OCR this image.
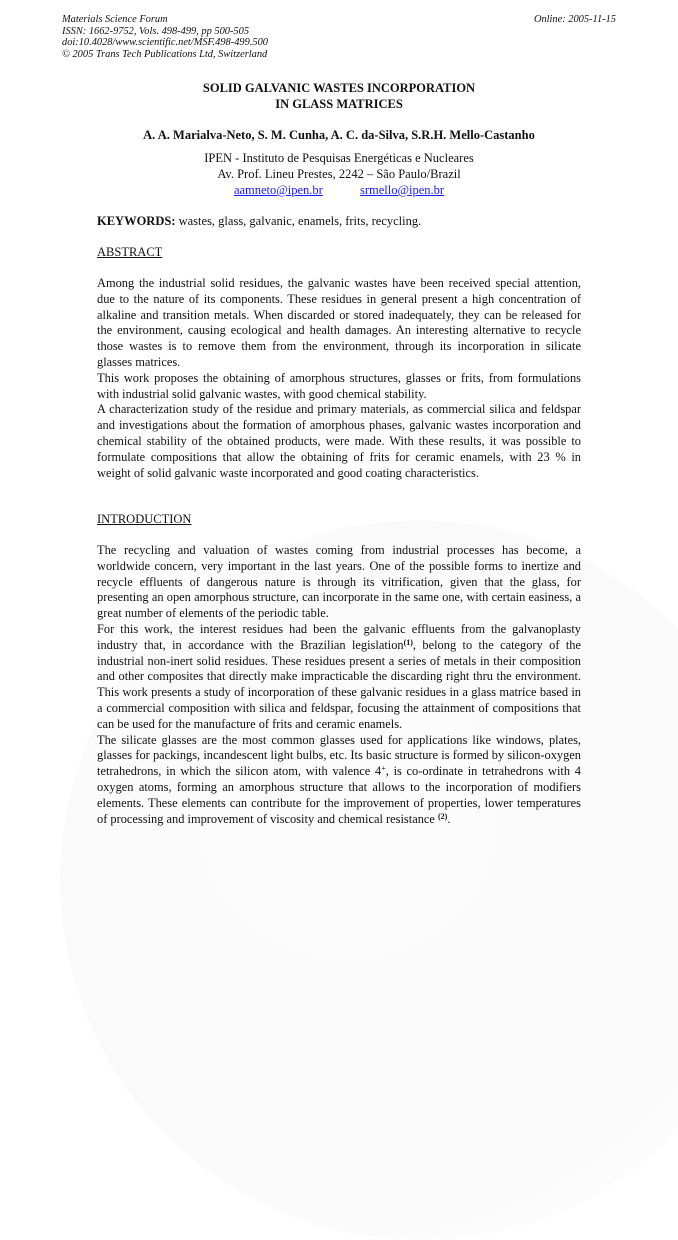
Materials Science Forum
ISSN: 1662-9752, Vols. 498-499, pp 500-505
doi:10.4028/www.scientific.net/MSF.498-499.500
© 2005 Trans Tech Publications Ltd, Switzerland
Online: 2005-11-15
SOLID GALVANIC WASTES INCORPORATION
IN GLASS MATRICES
A. A. Marialva-Neto, S. M. Cunha, A. C. da-Silva, S.R.H. Mello-Castanho
IPEN - Instituto de Pesquisas Energéticas e Nucleares
Av. Prof. Lineu Prestes, 2242 – São Paulo/Brazil
aamneto@ipen.br	srmello@ipen.br
KEYWORDS: wastes, glass, galvanic, enamels, frits, recycling.
ABSTRACT

Among the industrial solid residues, the galvanic wastes have been received special attention, due to the nature of its components. These residues in general present a high concentration of alkaline and transition metals. When discarded or stored inadequately, they can be released for the environment, causing ecological and health damages. An interesting alternative to recycle those wastes is to remove them from the environment, through its incorporation in silicate glasses matrices.

This work proposes the obtaining of amorphous structures, glasses or frits, from formulations with industrial solid galvanic wastes, with good chemical stability.

A characterization study of the residue and primary materials, as commercial silica and feldspar and investigations about the formation of amorphous phases, galvanic wastes incorporation and chemical stability of the obtained products, were made. With these results, it was possible to formulate compositions that allow the obtaining of frits for ceramic enamels, with 23 % in weight of solid galvanic waste incorporated and good coating characteristics.

INTRODUCTION

The recycling and valuation of wastes coming from industrial processes has become, a worldwide concern, very important in the last years. One of the possible forms to inertize and recycle effluents of dangerous nature is through its vitrification, given that the glass, for presenting an open amorphous structure, can incorporate in the same one, with certain easiness, a great number of elements of the periodic table.

For this work, the interest residues had been the galvanic effluents from the galvanoplasty industry that, in accordance with the Brazilian legislation$^{(1)}$, belong to the category of the industrial non-inert solid residues. These residues present a series of metals in their composition and other composites that directly make impracticable the discarding right thru the environment. This work presents a study of incorporation of these galvanic residues in a glass matrice based in a commercial composition with silica and feldspar, focusing the attainment of compositions that can be used for the manufacture of frits and ceramic enamels.

The silicate glasses are the most common glasses used for applications like windows, plates, glasses for packings, incandescent light bulbs, etc. Its basic structure is formed by silicon-oxygen tetrahedrons, in which the silicon atom, with valence 4+, is co-ordinate in tetrahedrons with 4 oxygen atoms, forming an amorphous structure that allows to the incorporation of modifiers elements. These elements can contribute for the improvement of properties, lower temperatures of processing and improvement of viscosity and chemical resistance $^{(2)}$.
